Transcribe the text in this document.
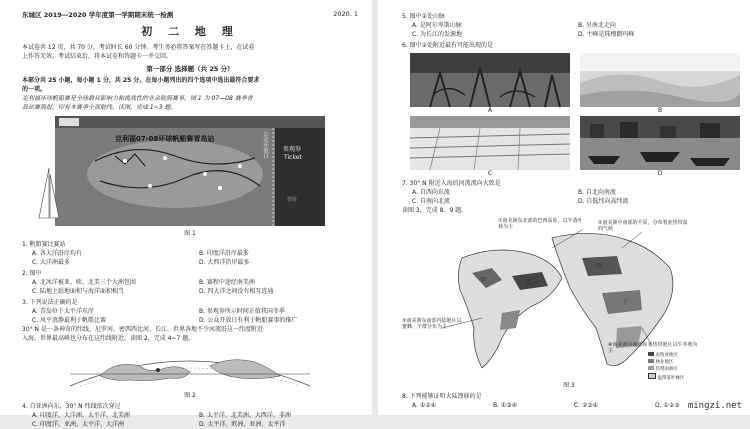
东城区 2019—2020 学年度第一学期期末统一检测	2020. 1
初 二 地 理
本试卷共 12 页，共 70 分，考试时长 60 分钟。考生务必将答案写在答题卡上，在试卷
上作答无效。考试结束后，将本试卷和答题卡一并交回。
第一部分 选择题（共 25 分）
本部分共 25 小题，每小题 1 分，共 25 分。在每小题列出的四个选项中选出最符合要求
的一项。
克利福环球帆船赛是全球最具影响力和挑战性的业余航海赛事。图 1 为 07—08 赛季青
岛站赛海报，印有本赛季全部航线。读图，完成 1~3 题。
克利福07-08环球帆船赛青岛站	公众开放日	参观券
Ticket
票价
图 1
1. 帆船赛比赛站
A. 各大洋沿岸均有	B. 印度洋沿岸最多
C. 大洋洲最多	D. 大西洋沿岸最多
2. 图中
A. 北冰洋被亚、欧、北美三个大洲包围	B. 赛程中途经南美洲
C. 陆地上站地面积与海洋面积相当	D. 四大洋之间没有相互连通
3. 下列说法正确的是
A. 青岛位于太平洋东岸	B. 参观券所示时间正值我国冬季
C. 风平浪静最利于帆船比赛	D. 公众开放日有利于帆船赛事的推广
30° N 是一条神奇的纬线，尼罗河、密西西比河、长江，世界各地不少河流沿这一纬度附近
入海，世界最高峰也分布在这纬线附近。读图 2，完成 4~7 题。
图 2
4. 自亚洲向东，30° N 纬线依次穿过
A. 印度洋、大洋洲、太平洋、北美洲	B. 太平洋、北美洲、大西洋、非洲
C. 印度洋、亚洲、太平洋、大洋洲	D. 太平洋、欧洲、亚洲、太平洋
5. 图中①处山脉
A. 是阿尔卑斯山脉	B. 呈南北走向
C. 为长江的发源地	D. 主峰是珠穆朗玛峰
6. 图中②处附近最有可能出现的是
A	B
C	D
7. 30° N 附近入海的河流流向大致是
A. 自西向东流	B. 自北向南流
C. 自南向北流	D. 自低纬向高纬流
读图 3，完成 8、9 题。
①南美洲东北部的巴西高原，以半落叶林为主
②南美洲中南部的平原，分布着亚热带湿润气候
③南美洲东南部内陆地区以蜜蜂、羊群分布为主
④南美洲东南部和亚热带地区以牛养殖为主
甲	乙
丙
丁
农牧业地区
林业地区
热带雨林区
温带落叶林区
图 3
8. 下列能够证明大陆漂移的是
A. ①②④	B. ①③④	C. ②③④	D. ①②③ mingzi.net
